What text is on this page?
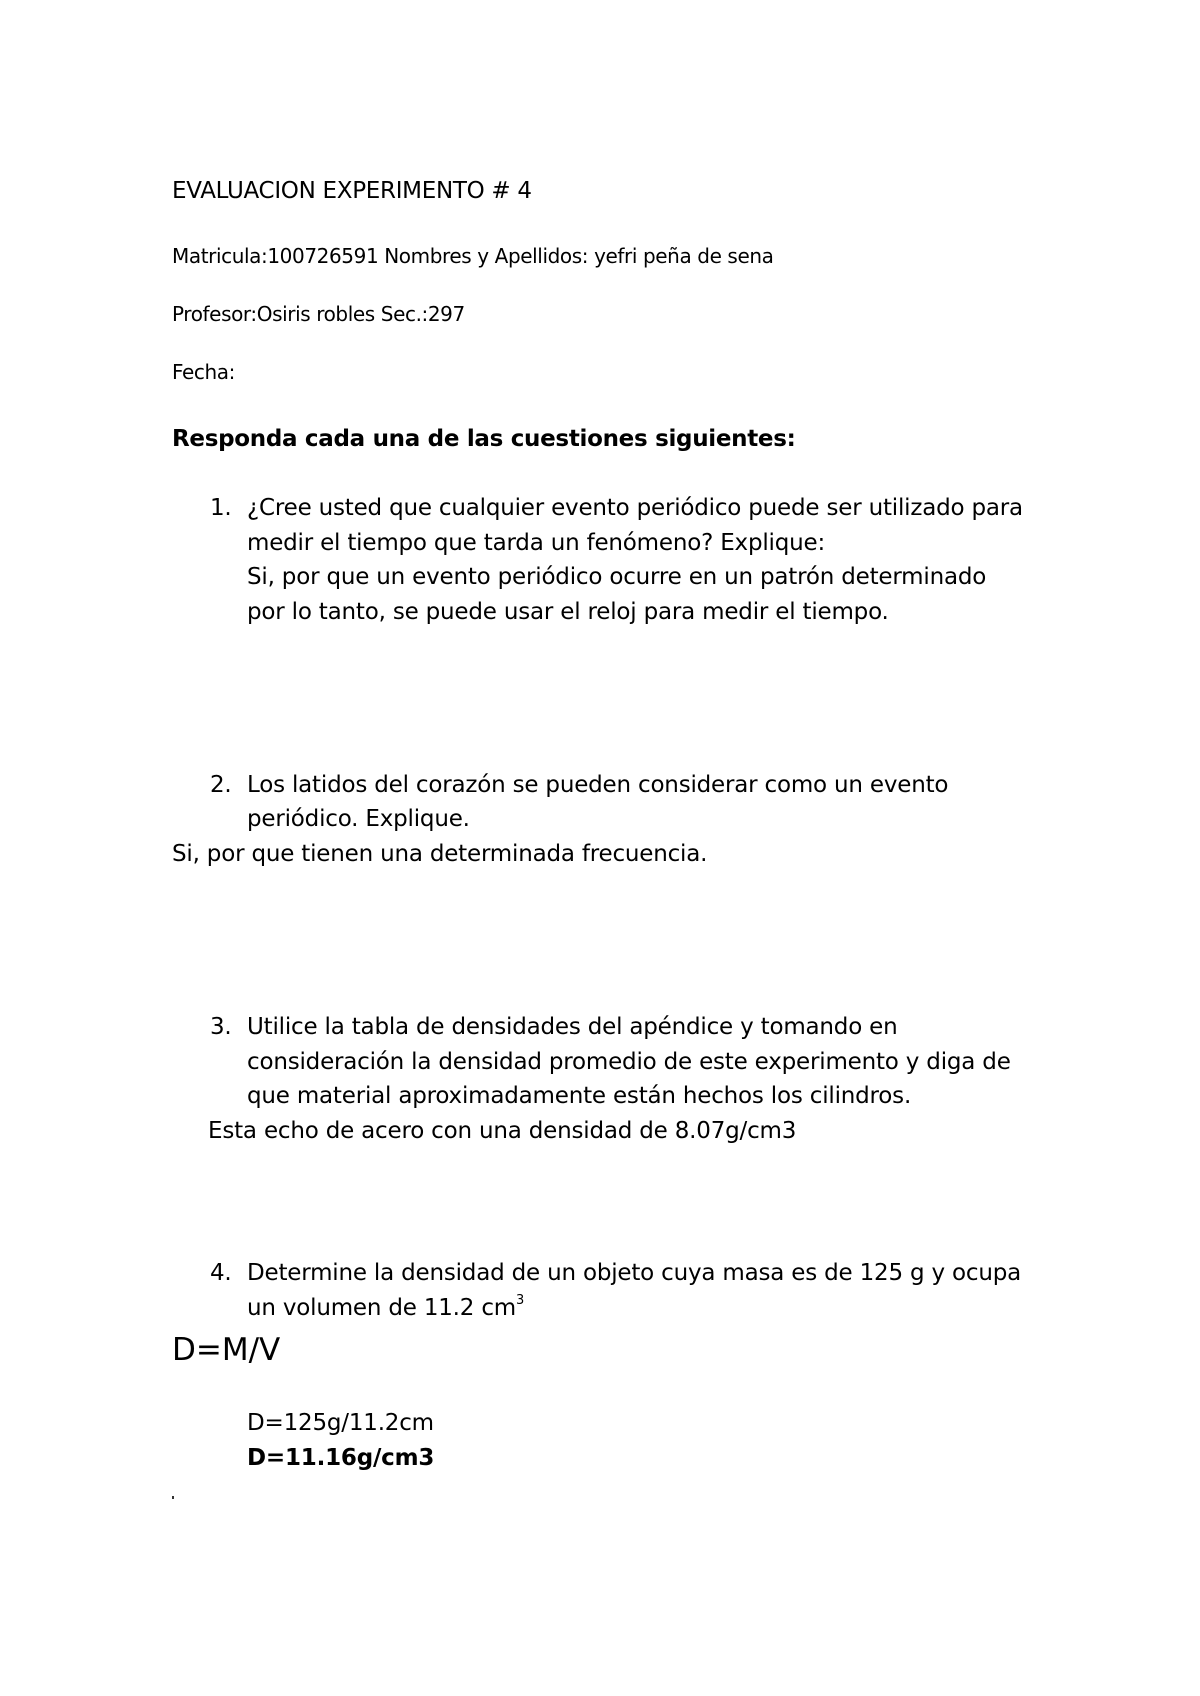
EVALUACION EXPERIMENTO # 4

Matricula:100726591 Nombres y Apellidos: yefri peña de sena

Profesor:Osiris robles Sec.:297

Fecha:

Responda cada una de las cuestiones siguientes:

1. ¿Cree usted que cualquier evento periódico puede ser utilizado para

medir el tiempo que tarda un fenómeno? Explique:

Si, por que un evento periódico ocurre en un patrón determinado

por lo tanto, se puede usar el reloj para medir el tiempo.

2. Los latidos del corazón se pueden considerar como un evento

periódico. Explique.

Si, por que tienen una determinada frecuencia.

3. Utilice la tabla de densidades del apéndice y tomando en

consideración la densidad promedio de este experimento y diga de

que material aproximadamente están hechos los cilindros.

Esta echo de acero con una densidad de 8.07g/cm3

4. Determine la densidad de un objeto cuya masa es de 125 g y ocupa

un volumen de 11.2 $cm^3$

D=M/V

D=125g/11.2cm

D=11.16g/cm3
